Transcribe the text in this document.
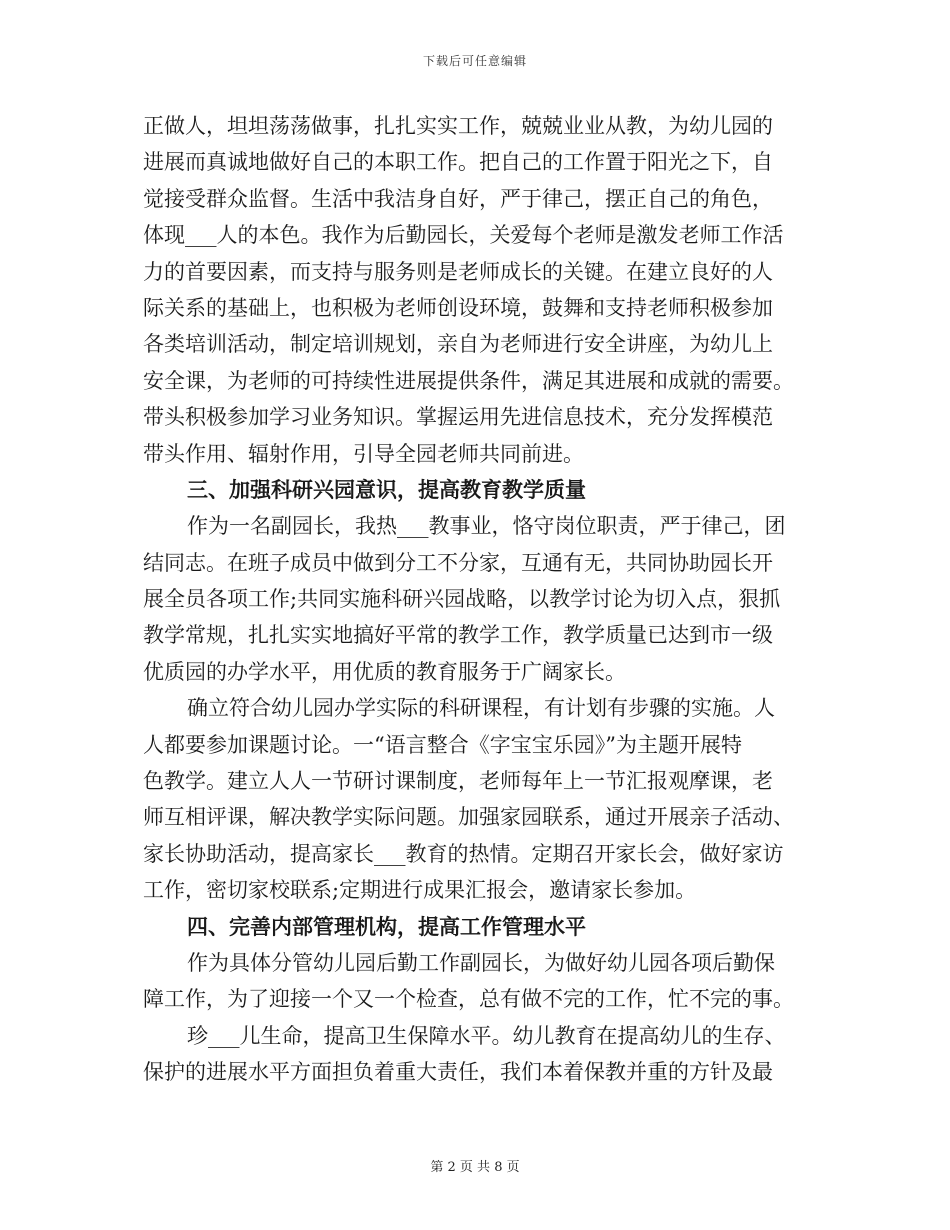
下载后可任意编辑
正做人，坦坦荡荡做事，扎扎实实工作，兢兢业业从教，为幼儿园的
进展而真诚地做好自己的本职工作。把自己的工作置于阳光之下，自
觉接受群众监督。生活中我洁身自好，严于律己，摆正自己的角色，
体现___人的本色。我作为后勤园长，关爱每个老师是激发老师工作活
力的首要因素，而支持与服务则是老师成长的关键。在建立良好的人
际关系的基础上，也积极为老师创设环境，鼓舞和支持老师积极参加
各类培训活动，制定培训规划，亲自为老师进行安全讲座，为幼儿上
安全课，为老师的可持续性进展提供条件，满足其进展和成就的需要。
带头积极参加学习业务知识。掌握运用先进信息技术，充分发挥模范
带头作用、辐射作用，引导全园老师共同前进。
三、加强科研兴园意识，提高教育教学质量
作为一名副园长，我热___教事业，恪守岗位职责，严于律己，团
结同志。在班子成员中做到分工不分家，互通有无，共同协助园长开
展全员各项工作;共同实施科研兴园战略，以教学讨论为切入点，狠抓
教学常规，扎扎实实地搞好平常的教学工作，教学质量已达到市一级
优质园的办学水平，用优质的教育服务于广阔家长。
确立符合幼儿园办学实际的科研课程，有计划有步骤的实施。人
人都要参加课题讨论。一“语言整合《字宝宝乐园》”为主题开展特
色教学。建立人人一节研讨课制度，老师每年上一节汇报观摩课，老
师互相评课，解决教学实际问题。加强家园联系，通过开展亲子活动、
家长协助活动，提高家长___教育的热情。定期召开家长会，做好家访
工作，密切家校联系;定期进行成果汇报会，邀请家长参加。
四、完善内部管理机构，提高工作管理水平
作为具体分管幼儿园后勤工作副园长，为做好幼儿园各项后勤保
障工作，为了迎接一个又一个检查，总有做不完的工作，忙不完的事。
珍___儿生命，提高卫生保障水平。幼儿教育在提高幼儿的生存、
保护的进展水平方面担负着重大责任，我们本着保教并重的方针及最
第 2 页 共 8 页
